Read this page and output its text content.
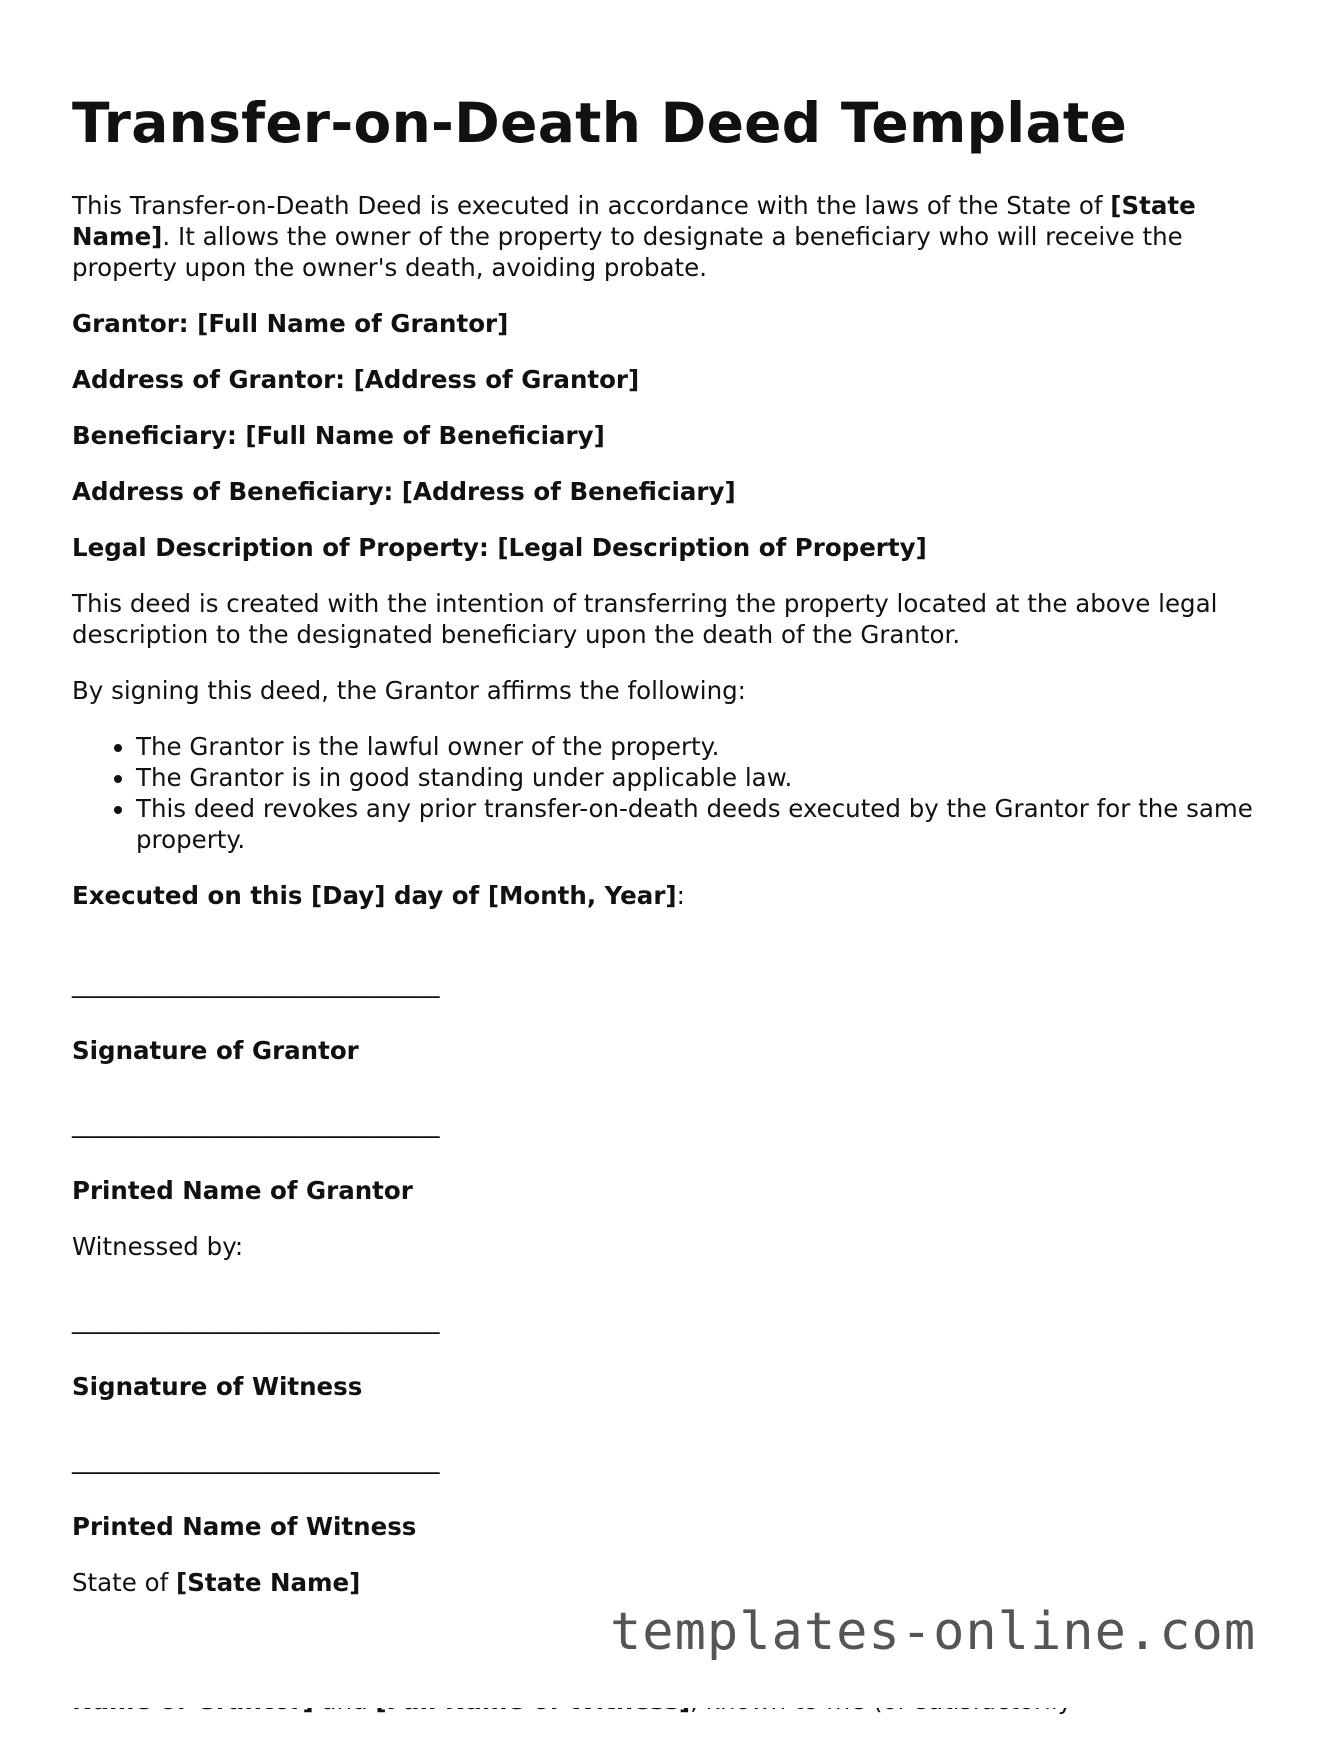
Transfer-on-Death Deed Template

This Transfer-on-Death Deed is executed in accordance with the laws of the State of [State Name]. It allows the owner of the property to designate a beneficiary who will receive the property upon the owner's death, avoiding probate.

Grantor: [Full Name of Grantor]

Address of Grantor: [Address of Grantor]

Beneficiary: [Full Name of Beneficiary]

Address of Beneficiary: [Address of Beneficiary]

Legal Description of Property: [Legal Description of Property]

This deed is created with the intention of transferring the property located at the above legal description to the designated beneficiary upon the death of the Grantor.

By signing this deed, the Grantor affirms the following:

• The Grantor is the lawful owner of the property.
• The Grantor is in good standing under applicable law.
• This deed revokes any prior transfer-on-death deeds executed by the Grantor for the same property.

Executed on this [Day] day of [Month, Year]:

______________________________

Signature of Grantor

______________________________

Printed Name of Grantor

Witnessed by:

______________________________

Signature of Witness

______________________________

Printed Name of Witness

State of [State Name]

templates-online.com
